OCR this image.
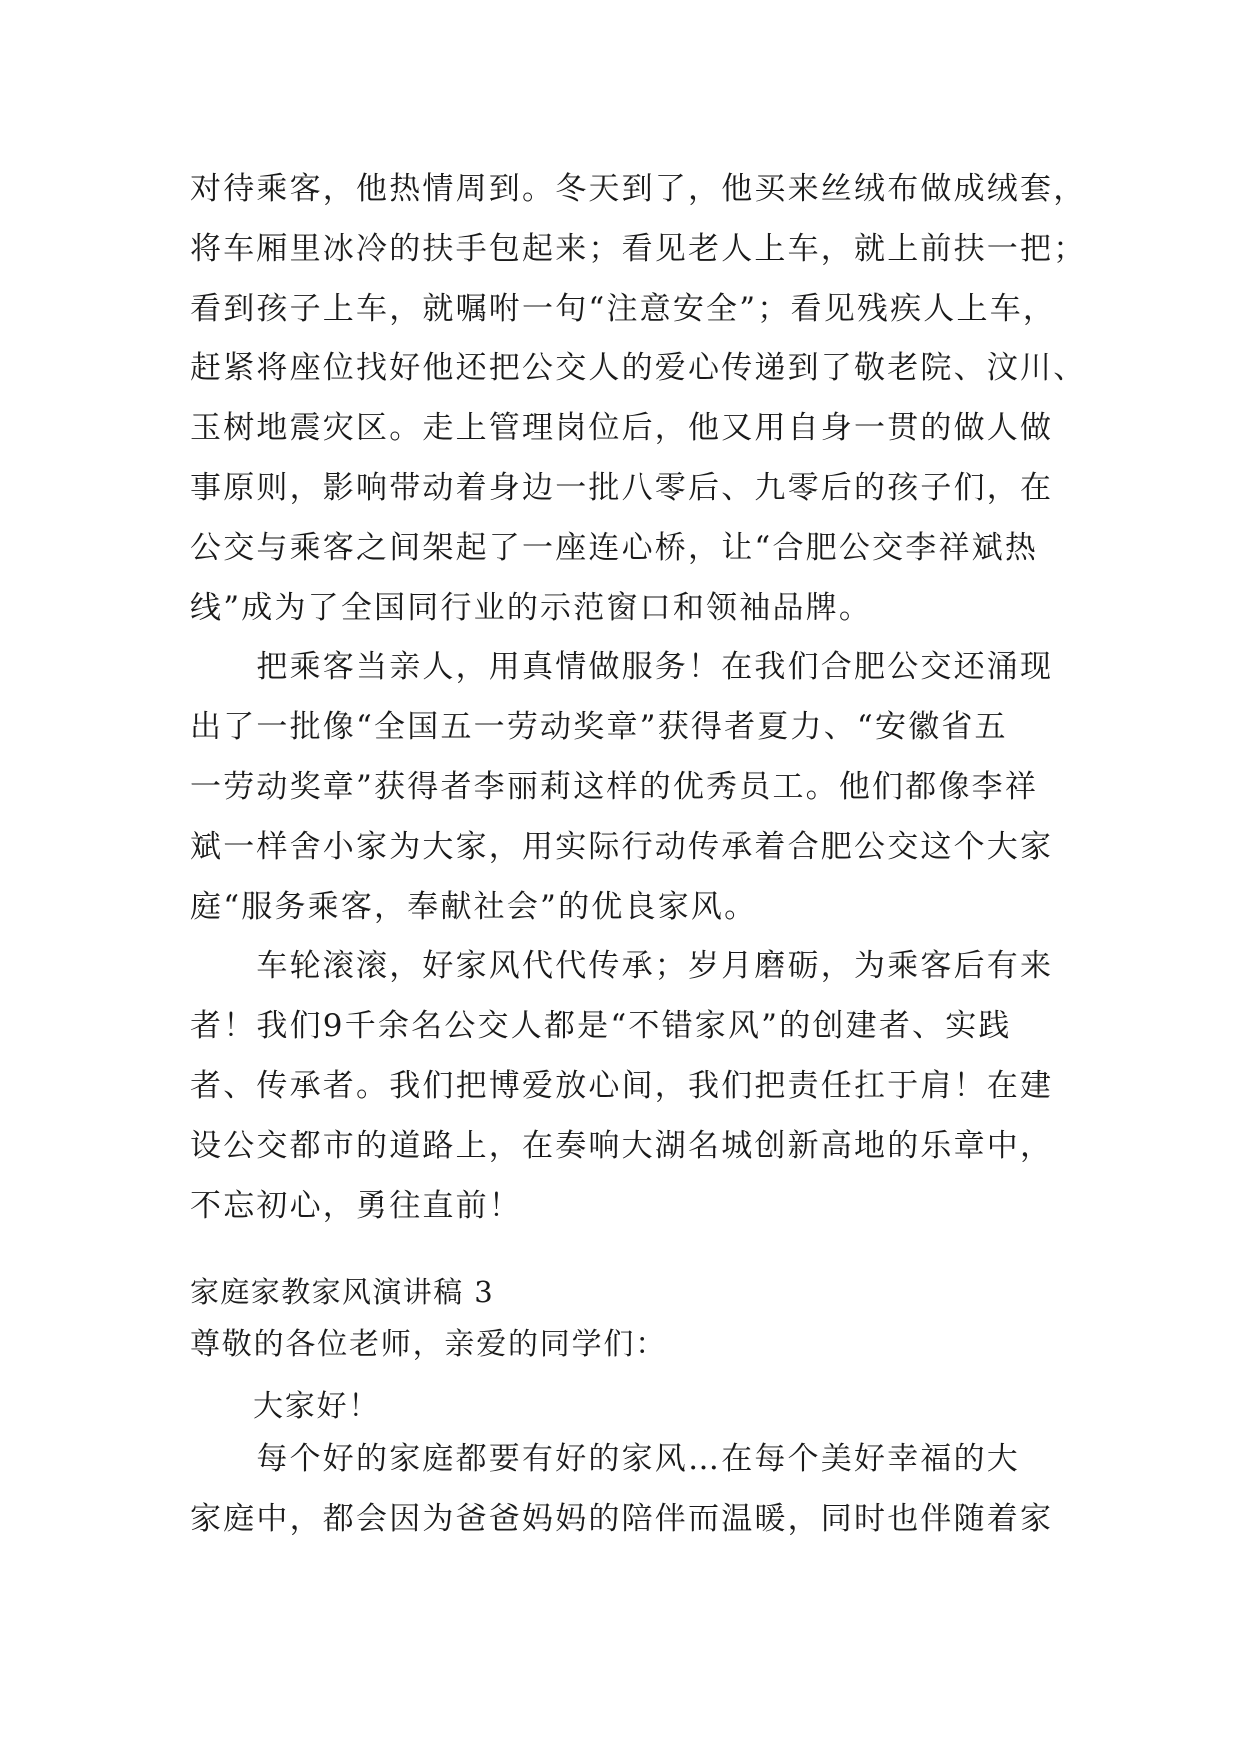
对待乘客，他热情周到。冬天到了，他买来丝绒布做成绒套，
将车厢里冰冷的扶手包起来；看见老人上车，就上前扶一把；
看到孩子上车，就嘱咐一句“注意安全”；看见残疾人上车，
赶紧将座位找好他还把公交人的爱心传递到了敬老院、汶川、
玉树地震灾区。走上管理岗位后，他又用自身一贯的做人做
事原则，影响带动着身边一批八零后、九零后的孩子们，在
公交与乘客之间架起了一座连心桥，让“合肥公交李祥斌热
线”成为了全国同行业的示范窗口和领袖品牌。
　　把乘客当亲人，用真情做服务！在我们合肥公交还涌现
出了一批像“全国五一劳动奖章”获得者夏力、“安徽省五
一劳动奖章”获得者李丽莉这样的优秀员工。他们都像李祥
斌一样舍小家为大家，用实际行动传承着合肥公交这个大家
庭“服务乘客，奉献社会”的优良家风。
　　车轮滚滚，好家风代代传承；岁月磨砺，为乘客后有来
者！我们9千余名公交人都是“不错家风”的创建者、实践
者、传承者。我们把博爱放心间，我们把责任扛于肩！在建
设公交都市的道路上，在奏响大湖名城创新高地的乐章中，
不忘初心，勇往直前！
家庭家教家风演讲稿 3
尊敬的各位老师，亲爱的同学们：
大家好！
　　每个好的家庭都要有好的家风…在每个美好幸福的大
家庭中，都会因为爸爸妈妈的陪伴而温暖，同时也伴随着家
